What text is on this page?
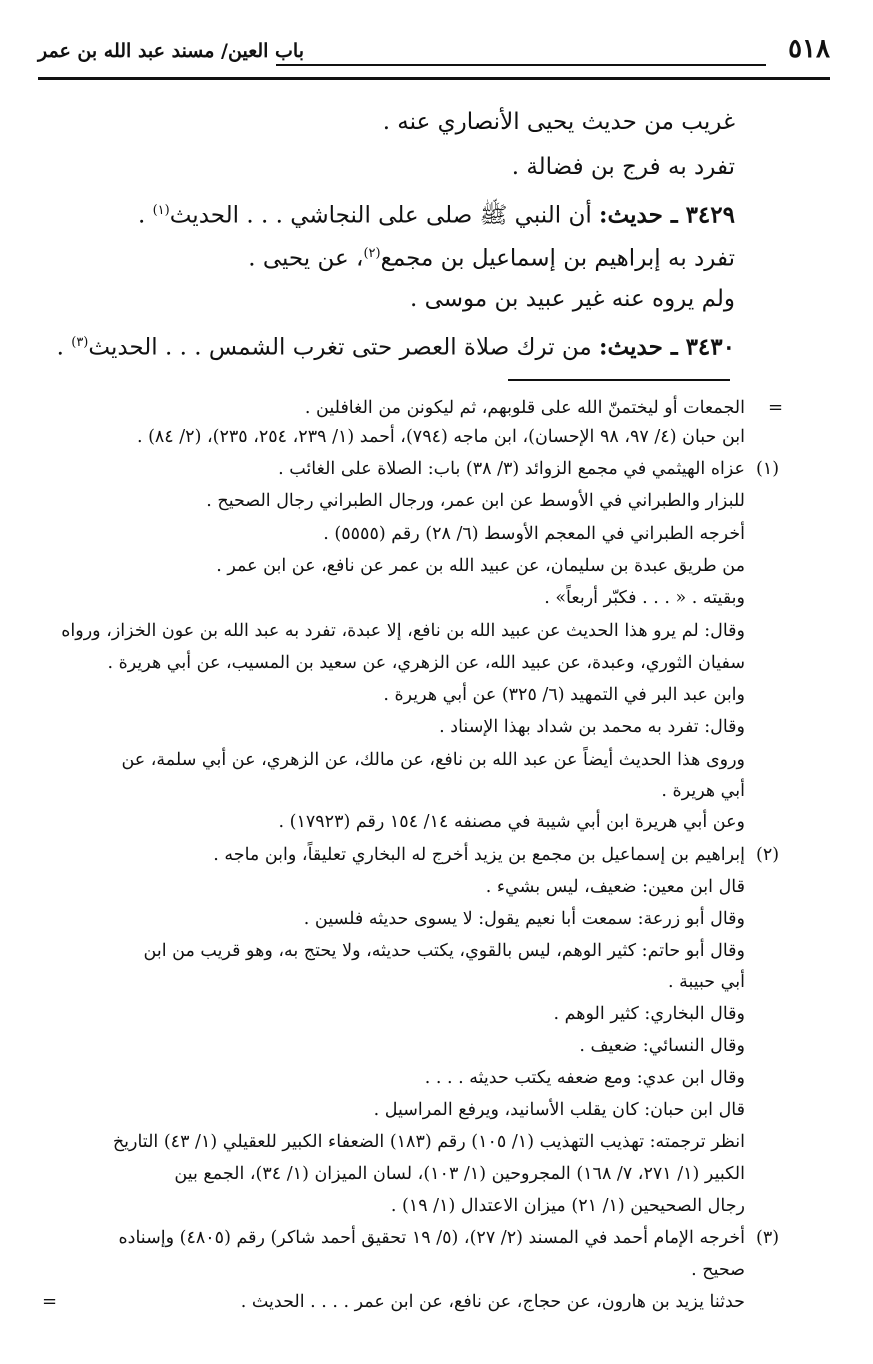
٥١٨
باب العين/ مسند عبد الله بن عمر
غريب من حديث يحيى الأنصاري عنه .
تفرد به فرج بن فضالة .
٣٤٢٩ ـ حديث: أن النبي ﷺ صلى على النجاشي . . . الحديث$^{(١)}$ .
تفرد به إبراهيم بن إسماعيل بن مجمع$^{(٢)}$، عن يحيى .
ولم يروه عنه غير عبيد بن موسى .
٣٤٣٠ ـ حديث: من ترك صلاة العصر حتى تغرب الشمس . . . الحديث$^{(٣)}$ .
=
الجمعات أو ليختمنّ الله على قلوبهم، ثم ليكونن من الغافلين .
ابن حبان (٤/ ٩٧، ٩٨ الإحسان)، ابن ماجه (٧٩٤)، أحمد (١/ ٢٣٩، ٢٥٤، ٢٣٥)، (٢/ ٨٤) .
(١)
عزاه الهيثمي في مجمع الزوائد (٣/ ٣٨) باب: الصلاة على الغائب .
للبزار والطبراني في الأوسط عن ابن عمر، ورجال الطبراني رجال الصحيح .
أخرجه الطبراني في المعجم الأوسط (٦/ ٢٨) رقم (٥٥٥٥) .
من طريق عبدة بن سليمان، عن عبيد الله بن عمر عن نافع، عن ابن عمر .
وبقيته . « . . . فكبّر أربعاً» .
وقال: لم يرو هذا الحديث عن عبيد الله بن نافع، إلا عبدة، تفرد به عبد الله بن عون الخزاز، ورواه
سفيان الثوري، وعبدة، عن عبيد الله، عن الزهري، عن سعيد بن المسيب، عن أبي هريرة .
وابن عبد البر في التمهيد (٦/ ٣٢٥) عن أبي هريرة .
وقال: تفرد به محمد بن شداد بهذا الإسناد .
وروى هذا الحديث أيضاً عن عبد الله بن نافع، عن مالك، عن الزهري، عن أبي سلمة، عن
أبي هريرة .
وعن أبي هريرة ابن أبي شيبة في مصنفه ١٤/ ١٥٤ رقم (١٧٩٢٣) .
(٢)
إبراهيم بن إسماعيل بن مجمع بن يزيد أخرج له البخاري تعليقاً، وابن ماجه .
قال ابن معين: ضعيف، ليس بشيء .
وقال أبو زرعة: سمعت أبا نعيم يقول: لا يسوى حديثه فلسين .
وقال أبو حاتم: كثير الوهم، ليس بالقوي، يكتب حديثه، ولا يحتج به، وهو قريب من ابن
أبي حبيبة .
وقال البخاري: كثير الوهم .
وقال النسائي: ضعيف .
وقال ابن عدي: ومع ضعفه يكتب حديثه . . . .
قال ابن حبان: كان يقلب الأسانيد، ويرفع المراسيل .
انظر ترجمته: تهذيب التهذيب (١/ ١٠٥) رقم (١٨٣) الضعفاء الكبير للعقيلي (١/ ٤٣) التاريخ
الكبير (١/ ٢٧١، ٧/ ١٦٨) المجروحين (١/ ١٠٣)، لسان الميزان (١/ ٣٤)، الجمع بين
رجال الصحيحين (١/ ٢١) ميزان الاعتدال (١/ ١٩) .
(٣)
أخرجه الإمام أحمد في المسند (٢/ ٢٧)، (٥/ ١٩ تحقيق أحمد شاكر) رقم (٤٨٠٥) وإسناده
صحيح .
حدثنا يزيد بن هارون، عن حجاج، عن نافع، عن ابن عمر . . . . الحديث .
=
